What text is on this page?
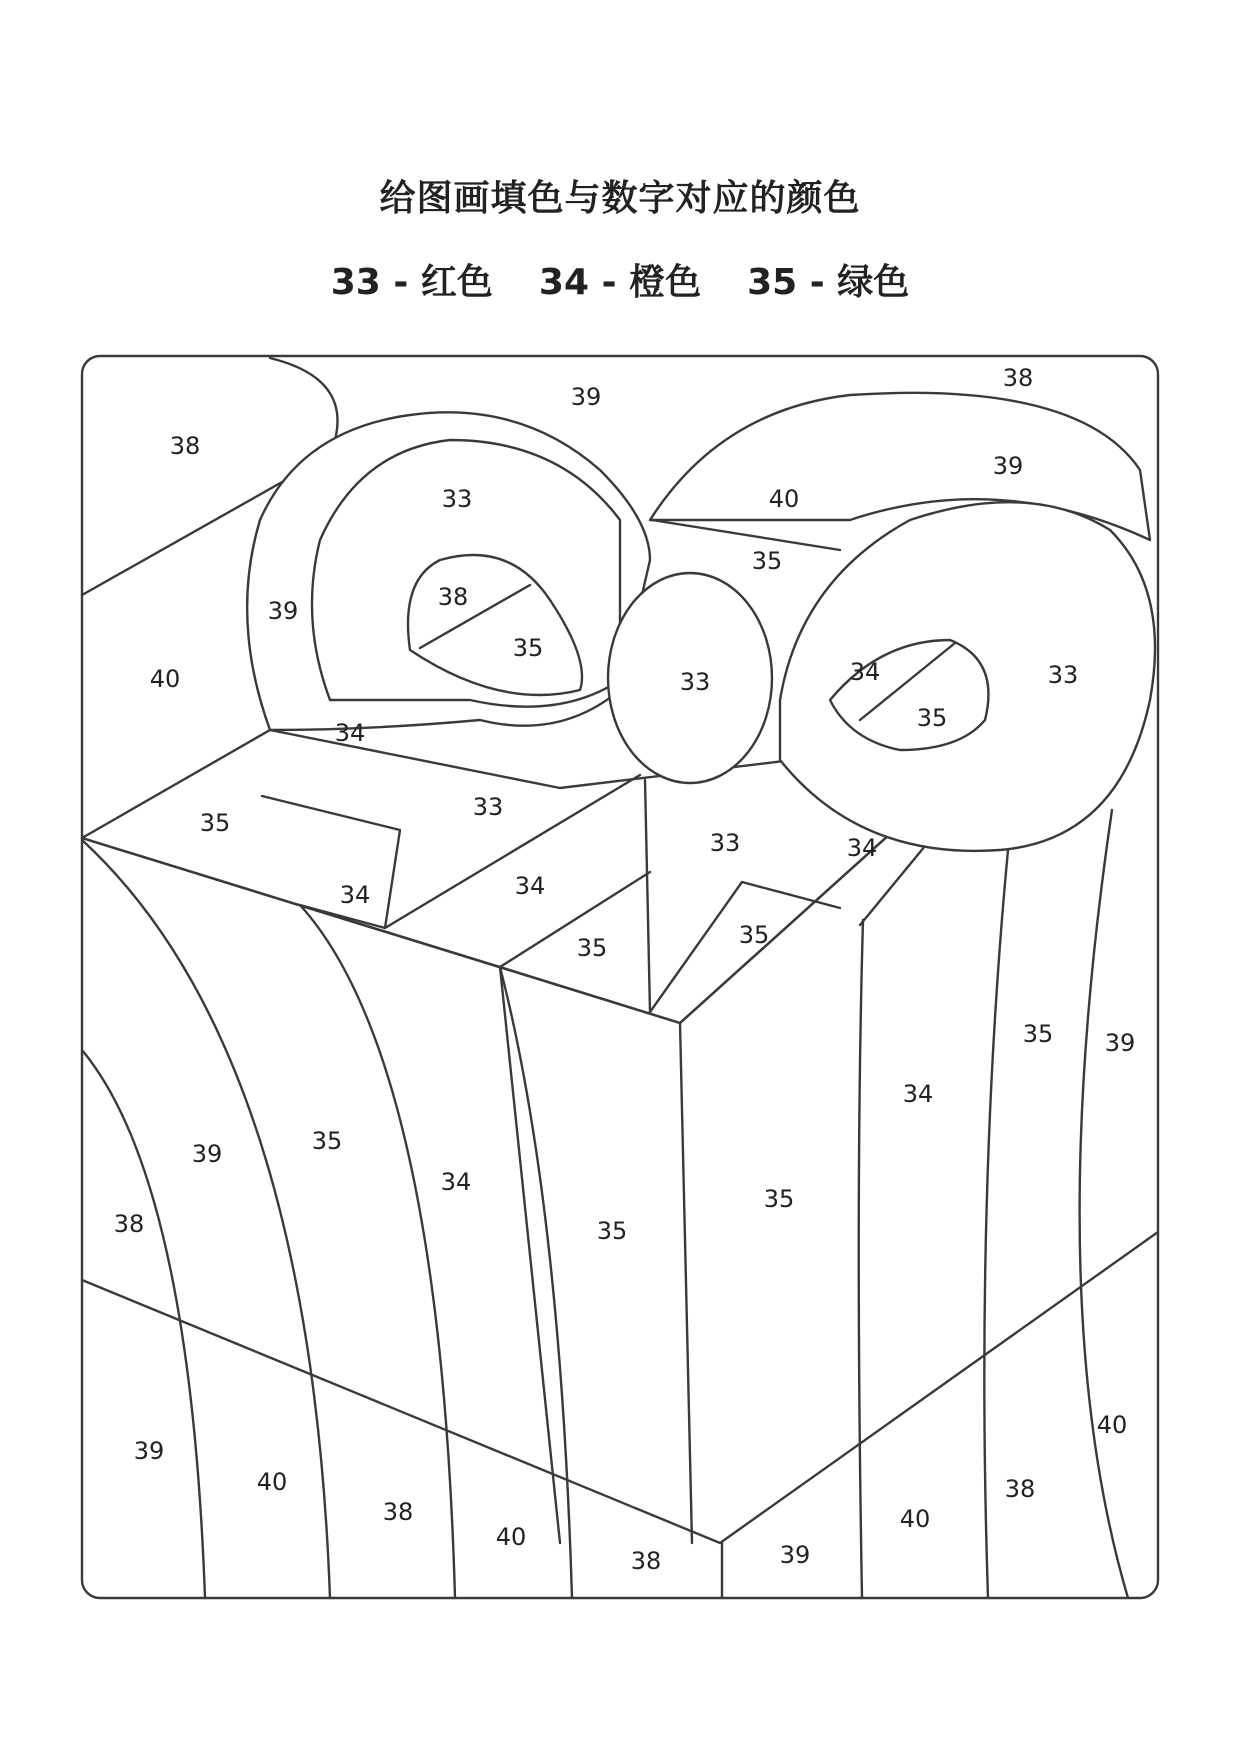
给图画填色与数字对应的颜色
33 - 红色 34 - 橙色 35 - 绿色
38
39
38
39
33	40
39	38
40
35
35
33	34
35
34
33
33
35
34	34
34
33
35	35
39
39
35
34
34
35
35
35
38
39
40
38
40
38	39
40
38
40
